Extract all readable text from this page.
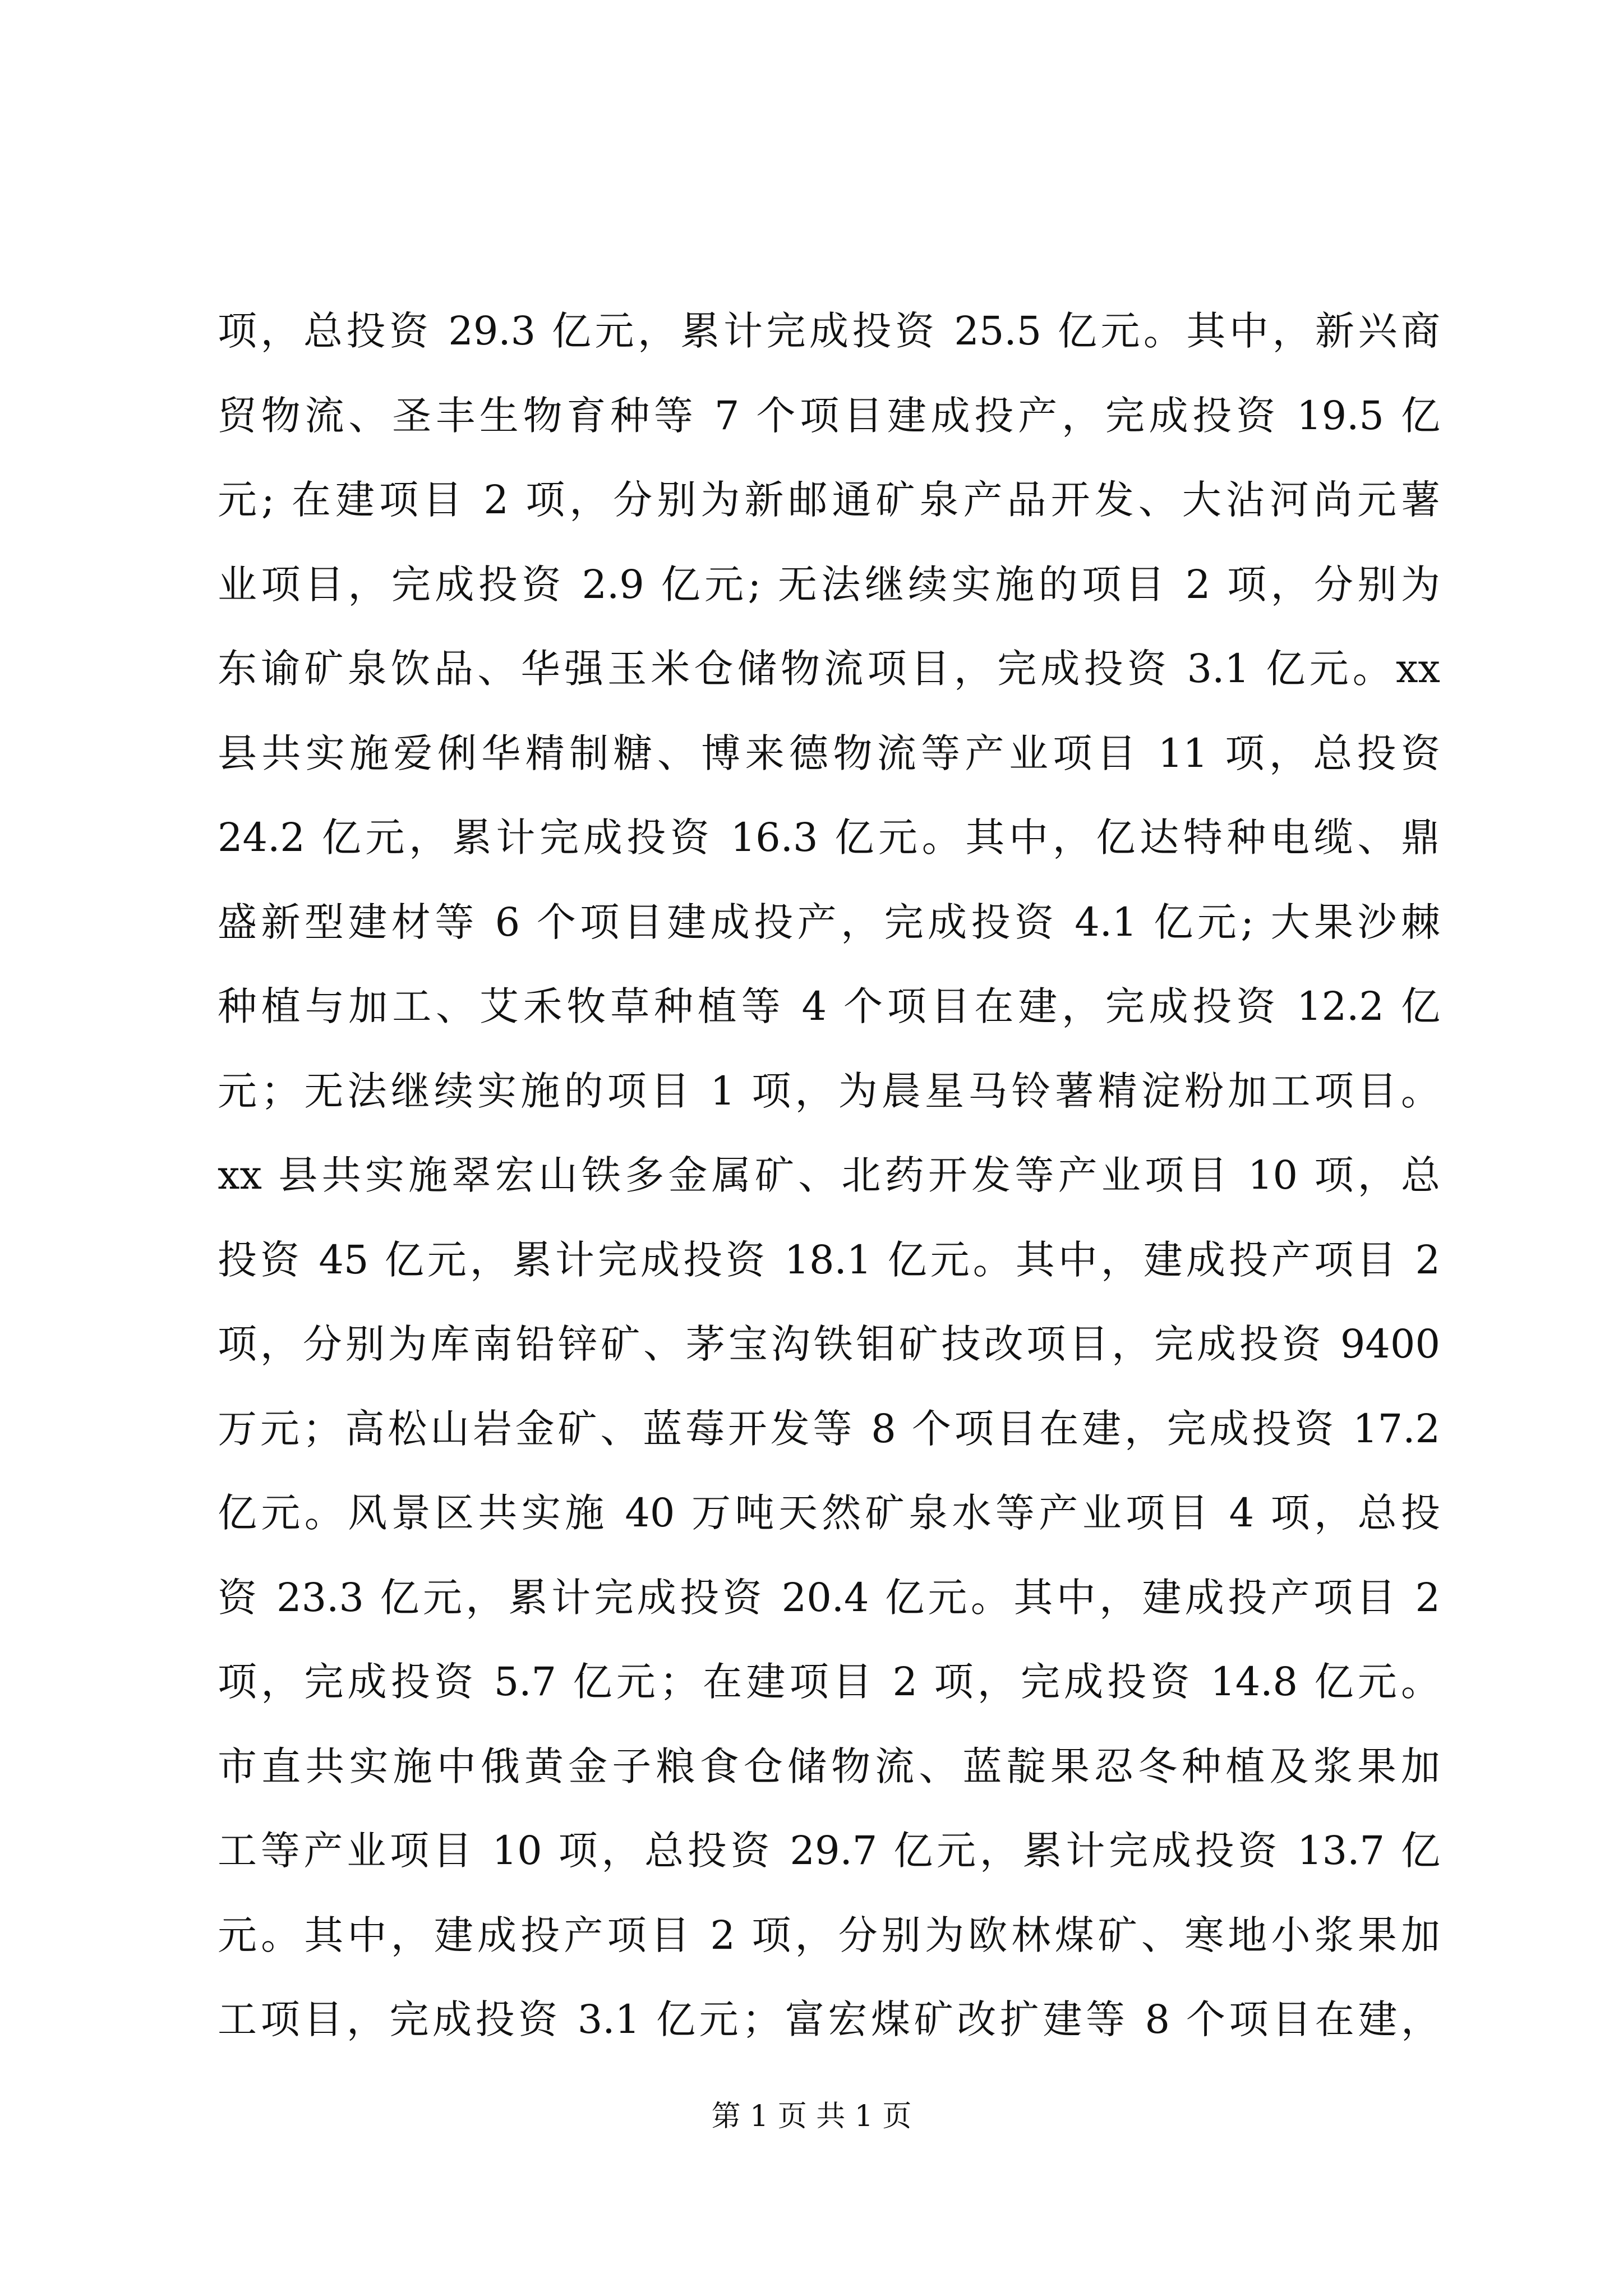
项，总投资 29.3 亿元，累计完成投资 25.5 亿元。其中，新兴商
贸物流、圣丰生物育种等 7 个项目建成投产，完成投资 19.5 亿
元; 在建项目 2 项，分别为新邮通矿泉产品开发、大沾河尚元薯
业项目，完成投资 2.9 亿元; 无法继续实施的项目 2 项，分别为
东谕矿泉饮品、华强玉米仓储物流项目，完成投资 3.1 亿元。xx
县共实施爱俐华精制糖、博来德物流等产业项目 11 项，总投资
24.2 亿元，累计完成投资 16.3 亿元。其中，亿达特种电缆、鼎
盛新型建材等 6 个项目建成投产，完成投资 4.1 亿元; 大果沙棘
种植与加工、艾禾牧草种植等 4 个项目在建，完成投资 12.2 亿
元；无法继续实施的项目 1 项，为晨星马铃薯精淀粉加工项目。
xx 县共实施翠宏山铁多金属矿、北药开发等产业项目 10 项，总
投资 45 亿元，累计完成投资 18.1 亿元。其中，建成投产项目 2
项，分别为库南铅锌矿、茅宝沟铁钼矿技改项目，完成投资 9400
万元；高松山岩金矿、蓝莓开发等 8 个项目在建，完成投资 17.2
亿元。风景区共实施 40 万吨天然矿泉水等产业项目 4 项，总投
资 23.3 亿元，累计完成投资 20.4 亿元。其中，建成投产项目 2
项，完成投资 5.7 亿元；在建项目 2 项，完成投资 14.8 亿元。
市直共实施中俄黄金子粮食仓储物流、蓝靛果忍冬种植及浆果加
工等产业项目 10 项，总投资 29.7 亿元，累计完成投资 13.7 亿
元。其中，建成投产项目 2 项，分别为欧林煤矿、寒地小浆果加
工项目，完成投资 3.1 亿元；富宏煤矿改扩建等 8 个项目在建，
第 1 页 共 1 页
